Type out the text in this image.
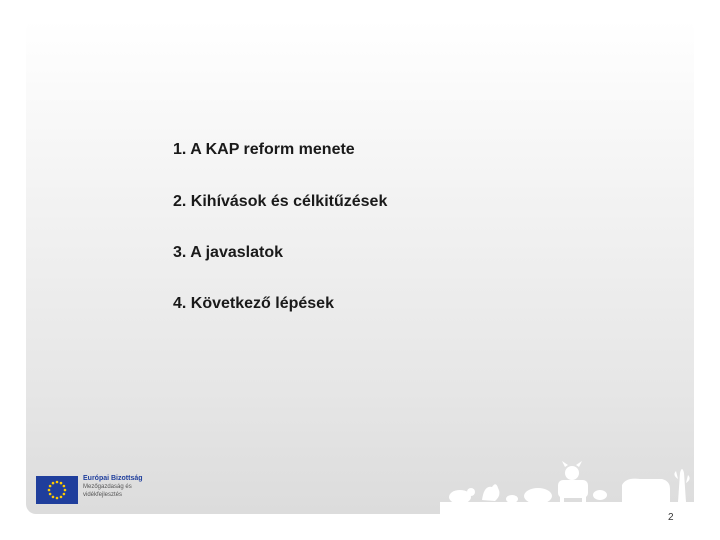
1. A KAP reform menete
2. Kihívások és célkitűzések
3. A javaslatok
4. Következő lépések
Európai Bizottság
Mezőgazdaság és
vidékfejlesztés
2
